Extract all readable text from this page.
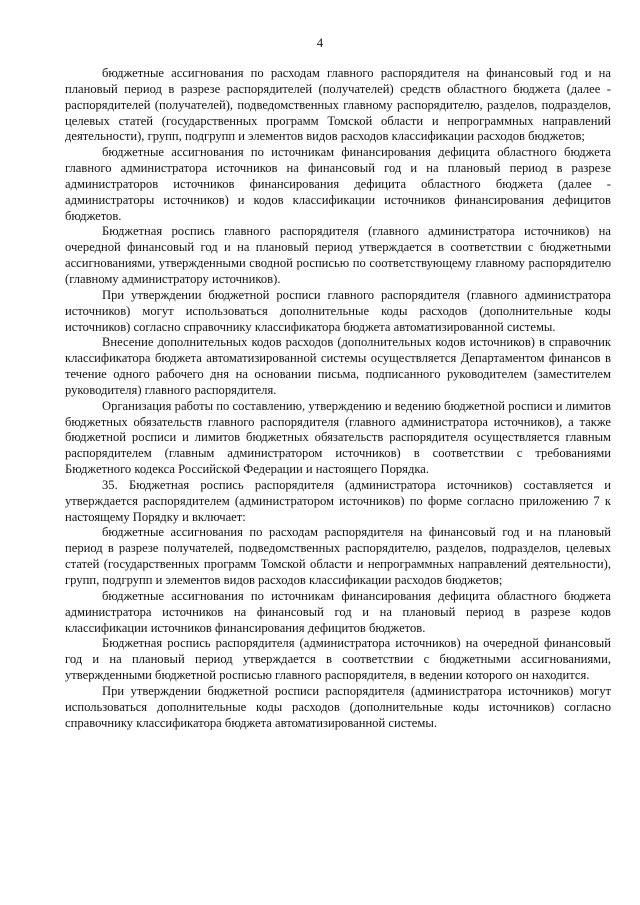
4

бюджетные ассигнования по расходам главного распорядителя на финансовый год и на плановый период в разрезе распорядителей (получателей) средств областного бюджета (далее - распорядителей (получателей), подведомственных главному распорядителю, разделов, подразделов, целевых статей (государственных программ Томской области и непрограммных направлений деятельности), групп, подгрупп и элементов видов расходов классификации расходов бюджетов;

бюджетные ассигнования по источникам финансирования дефицита областного бюджета главного администратора источников на финансовый год и на плановый период в разрезе администраторов источников финансирования дефицита областного бюджета (далее - администраторы источников) и кодов классификации источников финансирования дефицитов бюджетов.

Бюджетная роспись главного распорядителя (главного администратора источников) на очередной финансовый год и на плановый период утверждается в соответствии с бюджетными ассигнованиями, утвержденными сводной росписью по соответствующему главному распорядителю (главному администратору источников).

При утверждении бюджетной росписи главного распорядителя (главного администратора источников) могут использоваться дополнительные коды расходов (дополнительные коды источников) согласно справочнику классификатора бюджета автоматизированной системы.

Внесение дополнительных кодов расходов (дополнительных кодов источников) в справочник классификатора бюджета автоматизированной системы осуществляется Департаментом финансов в течение одного рабочего дня на основании письма, подписанного руководителем (заместителем руководителя) главного распорядителя.

Организация работы по составлению, утверждению и ведению бюджетной росписи и лимитов бюджетных обязательств главного распорядителя (главного администратора источников), а также бюджетной росписи и лимитов бюджетных обязательств распорядителя осуществляется главным распорядителем (главным администратором источников) в соответствии с требованиями Бюджетного кодекса Российской Федерации и настоящего Порядка.

35. Бюджетная роспись распорядителя (администратора источников) составляется и утверждается распорядителем (администратором источников) по форме согласно приложению 7 к настоящему Порядку и включает:

бюджетные ассигнования по расходам распорядителя на финансовый год и на плановый период в разрезе получателей, подведомственных распорядителю, разделов, подразделов, целевых статей (государственных программ Томской области и непрограммных направлений деятельности), групп, подгрупп и элементов видов расходов классификации расходов бюджетов;

бюджетные ассигнования по источникам финансирования дефицита областного бюджета администратора источников на финансовый год и на плановый период в разрезе кодов классификации источников финансирования дефицитов бюджетов.

Бюджетная роспись распорядителя (администратора источников) на очередной финансовый год и на плановый период утверждается в соответствии с бюджетными ассигнованиями, утвержденными бюджетной росписью главного распорядителя, в ведении которого он находится.

При утверждении бюджетной росписи распорядителя (администратора источников) могут использоваться дополнительные коды расходов (дополнительные коды источников) согласно справочнику классификатора бюджета автоматизированной системы.
